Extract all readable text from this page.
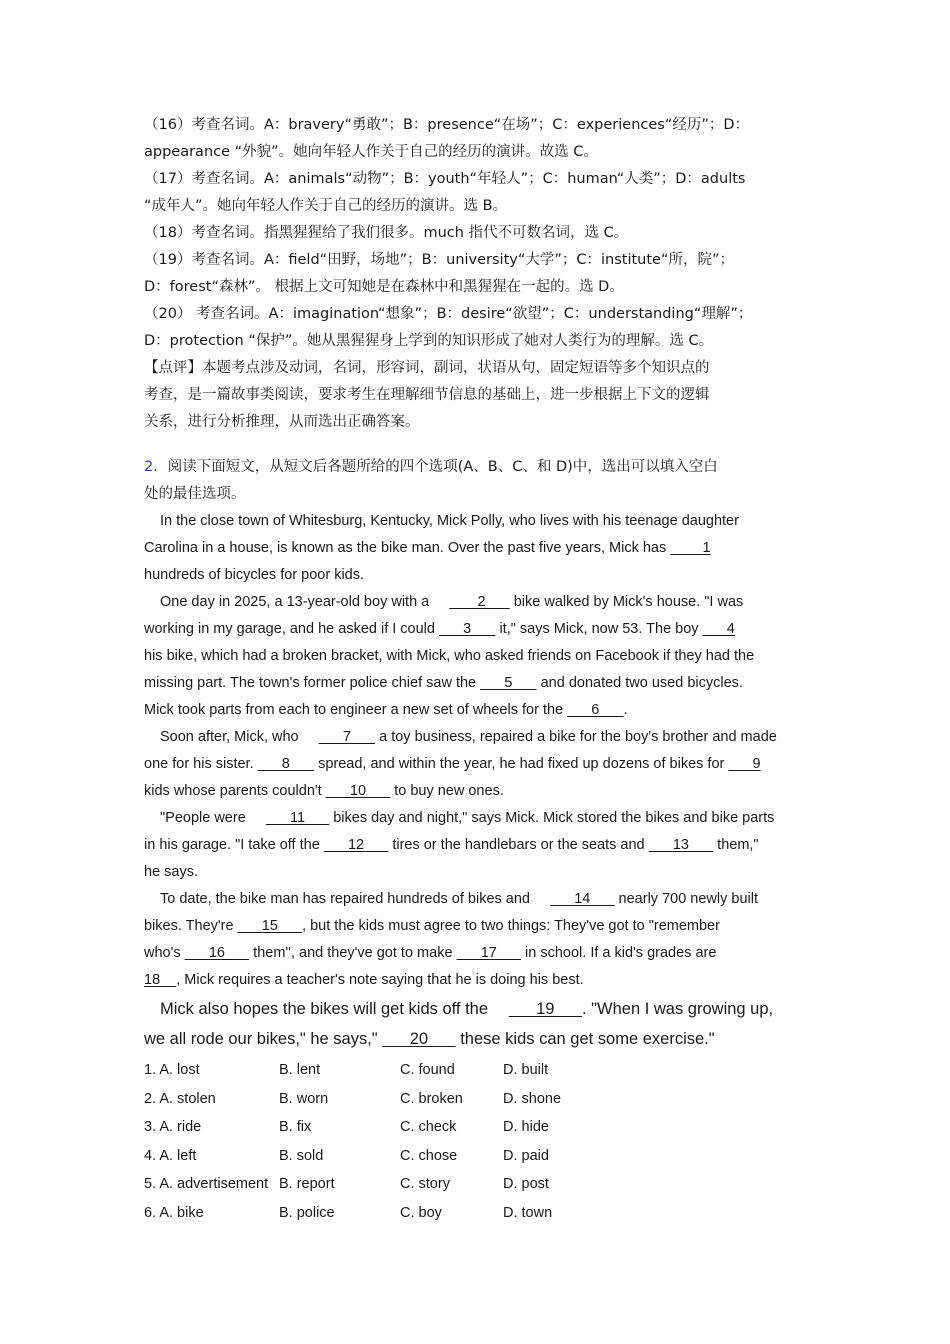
（16）考查名词。A：bravery“勇敢”；B：presence“在场”；C：experiences“经历”；D：

appearance “外貌”。她向年轻人作关于自己的经历的演讲。故选 C。

（17）考查名词。A：animals“动物”；B：youth“年轻人”；C：human“人类”；D：adults

“成年人”。她向年轻人作关于自己的经历的演讲。选 B。

（18）考查名词。指黑猩猩给了我们很多。much 指代不可数名词，选 C。

（19）考查名词。A：field“田野，场地”；B：university“大学”；C：institute“所，院”；

D：forest“森林”。 根据上文可知她是在森林中和黑猩猩在一起的。选 D。

（20） 考查名词。A：imagination“想象”；B：desire“欲望”；C：understanding“理解”；

D：protection “保护”。她从黑猩猩身上学到的知识形成了她对人类行为的理解。选 C。

【点评】本题考点涉及动词，名词，形容词，副词，状语从句，固定短语等多个知识点的

考查，是一篇故事类阅读，要求考生在理解细节信息的基础上，进一步根据上下文的逻辑

关系，进行分析推理，从而选出正确答案。

2．阅读下面短文，从短文后各题所给的四个选项(A、B、C、和 D)中，选出可以填入空白

处的最佳选项。

In the close town of Whitesburg, Kentucky, Mick Polly, who lives with his teenage daughter

Carolina in a house, is known as the bike man. Over the past five years, Mick has         1

hundreds of bicycles for poor kids.

One day in 2025, a 13-year-old boy with a        2       bike walked by Mick's house. "I was

working in my garage, and he asked if I could       3       it," says Mick, now 53. The boy       4

his bike, which had a broken bracket, with Mick, who asked friends on Facebook if they had the

missing part. The town's former police chief saw the       5       and donated two used bicycles.

Mick took parts from each to engineer a new set of wheels for the       6      .

Soon after, Mick, who       7       a toy business, repaired a bike for the boy's brother and made

one for his sister.       8       spread, and within the year, he had fixed up dozens of bikes for       9

kids whose parents couldn't       10       to buy new ones.

"People were       11       bikes day and night," says Mick. Mick stored the bikes and bike parts

in his garage. "I take off the       12       tires or the handlebars or the seats and       13       them,"

he says.

To date, the bike man has repaired hundreds of bikes and       14       nearly 700 newly built

bikes. They're       15      , but the kids must agree to two things: They've got to "remember

who's       16       them'', and they've got to make       17       in school. If a kid's grades are

18    , Mick requires a teacher's note saying that he is doing his best.

Mick also hopes the bikes will get kids off the       19      . "When I was growing up,

we all rode our bikes," he says,"       20       these kids can get some exercise."

1. A. lost	B. lent	C. found	D. built
2. A. stolen	B. worn	C. broken	D. shone
3. A. ride	B. fix	C. check	D. hide
4. A. left	B. sold	C. chose	D. paid
5. A. advertisement B. report	C. story	D. post
6. A. bike	B. police	C. boy	D. town
